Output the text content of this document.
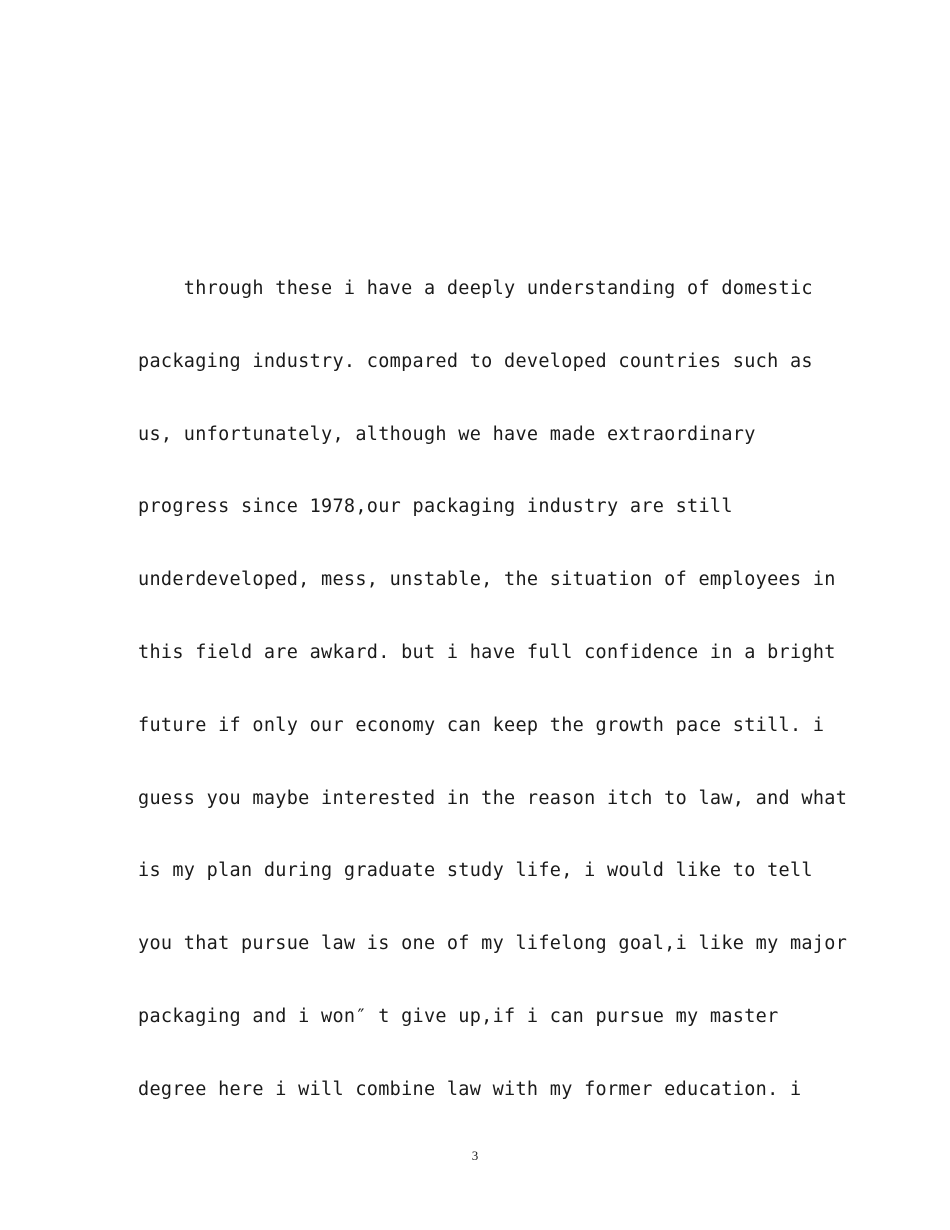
through these i have a deeply understanding of domestic
packaging industry. compared to developed countries such as
us, unfortunately, although we have made extraordinary
progress since 1978,our packaging industry are still
underdeveloped, mess, unstable, the situation of employees in
this field are awkard. but i have full confidence in a bright
future if only our economy can keep the growth pace still. i
guess you maybe interested in the reason itch to law, and what
is my plan during graduate study life, i would like to tell
you that pursue law is one of my lifelong goal,i like my major
packaging and i won″ t give up,if i can pursue my master
degree here i will combine law with my former education. i
3
